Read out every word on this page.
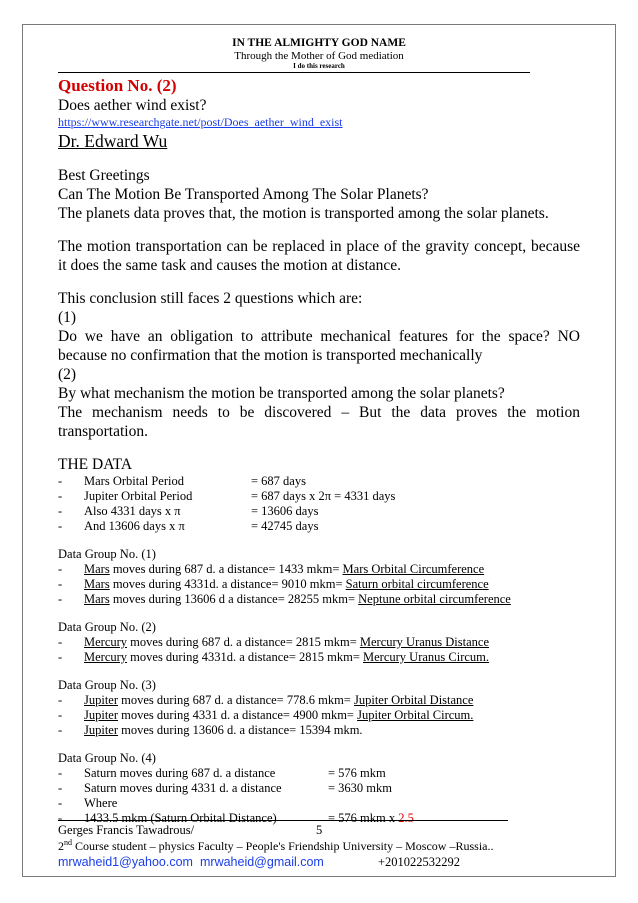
IN THE ALMIGHTY GOD NAME
Through the Mother of God mediation
I do this research
Question No. (2)
Does aether wind exist?
https://www.researchgate.net/post/Does_aether_wind_exist
Dr. Edward Wu
Best Greetings
Can The Motion Be Transported Among The Solar Planets?
The planets data proves that, the motion is transported among the solar planets.
The motion transportation can be replaced in place of the gravity concept, because it does the same task and causes the motion at distance.
This conclusion still faces 2 questions which are:
(1)
Do we have an obligation to attribute mechanical features for the space? NO because no confirmation that the motion is transported mechanically
(2)
By what mechanism the motion be transported among the solar planets?
The mechanism needs to be discovered – But the data proves the motion transportation.
THE DATA
-	Mars Orbital Period	= 687 days
-	Jupiter Orbital Period	= 687 days x 2π = 4331 days
-	Also 4331 days x π	= 13606 days
-	And 13606 days x π	= 42745 days
Data Group No. (1)
-	Mars moves during 687 d. a distance= 1433 mkm= Mars Orbital Circumference
-	Mars moves during 4331d. a distance= 9010 mkm= Saturn orbital circumference
-	Mars moves during 13606 d a distance= 28255 mkm= Neptune orbital circumference
Data Group No. (2)
-	Mercury moves during 687 d. a distance= 2815 mkm= Mercury Uranus Distance
-	Mercury moves during 4331d. a distance= 2815 mkm= Mercury Uranus Circum.
Data Group No. (3)
-	Jupiter moves during 687 d. a distance= 778.6 mkm= Jupiter Orbital Distance
-	Jupiter moves during 4331 d. a distance= 4900 mkm= Jupiter Orbital Circum.
-	Jupiter moves during 13606 d. a distance= 15394 mkm.
Data Group No. (4)
-	Saturn moves during 687 d. a distance	= 576 mkm
-	Saturn moves during 4331 d. a distance	= 3630 mkm
-	Where
-	1433.5 mkm (Saturn Orbital Distance)	= 576 mkm x 2.5
Gerges Francis Tawadrous/	5
2nd Course student – physics Faculty – People's Friendship University – Moscow –Russia..
mrwaheid1@yahoo.com mrwaheid@gmail.com	+201022532292
